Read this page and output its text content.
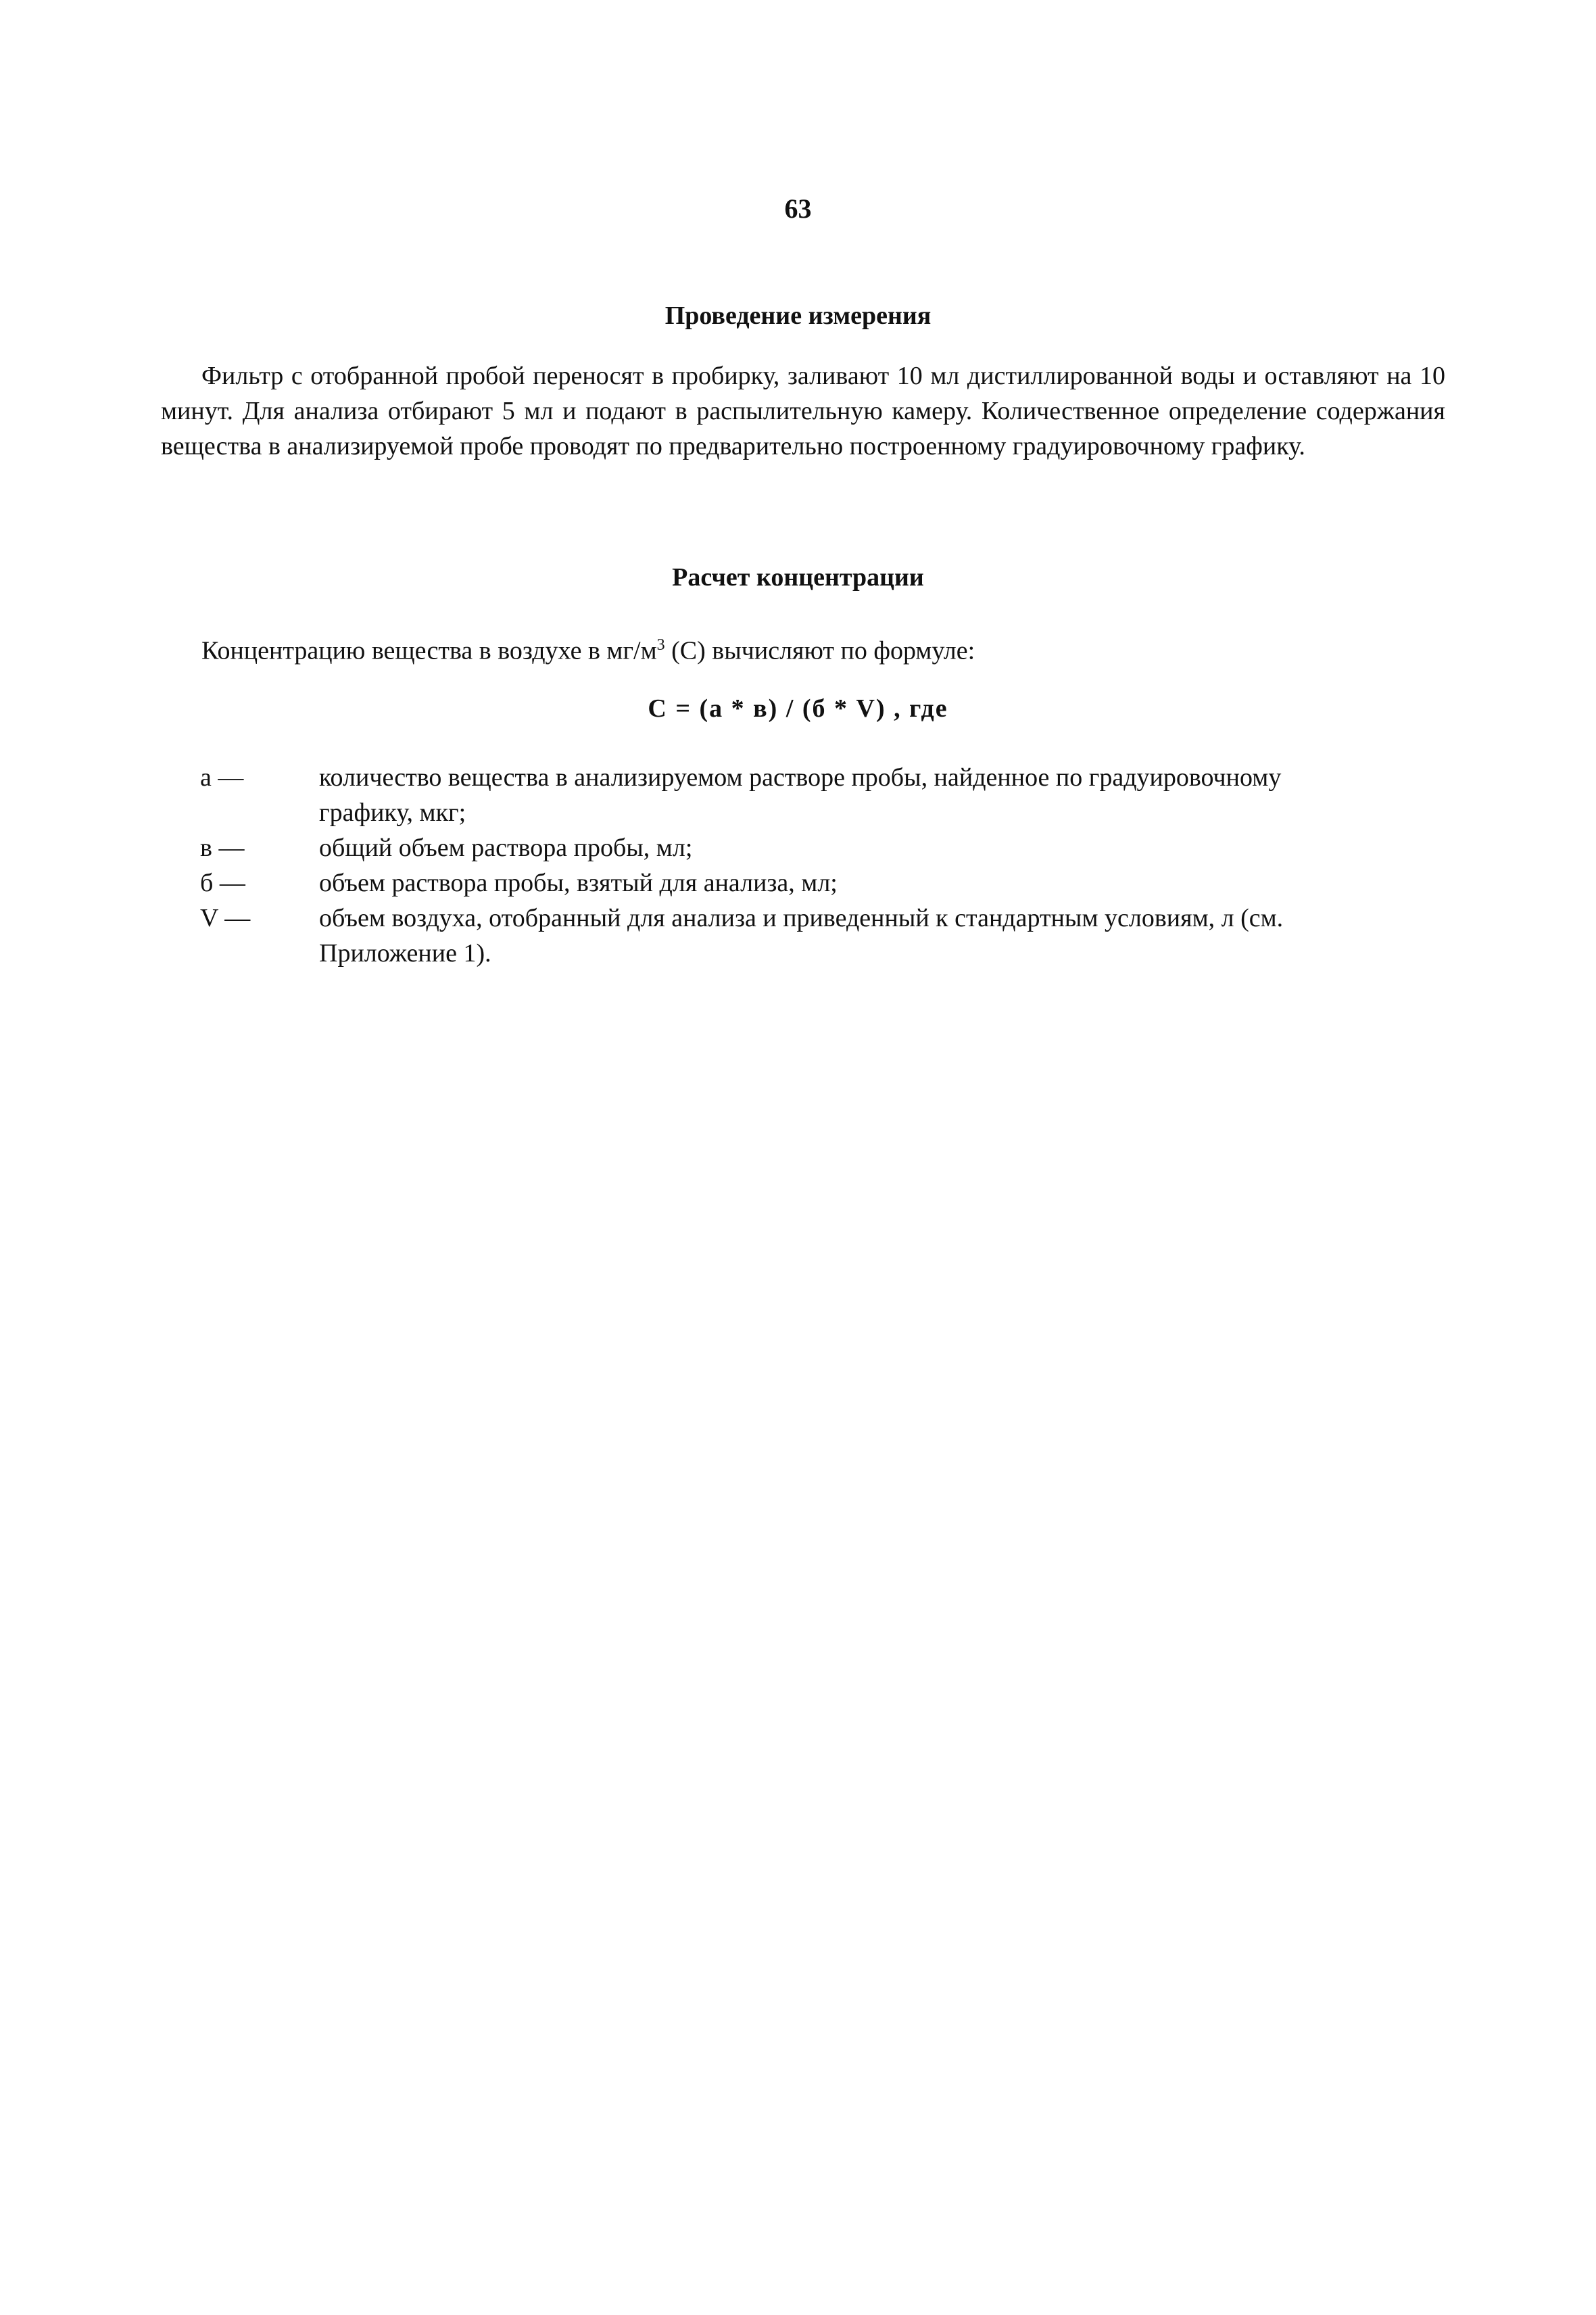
63
Проведение измерения

Фильтр с отобранной пробой переносят в пробирку, заливают 10 мл дистиллированной воды и оставляют на 10 минут. Для анализа отбирают 5 мл и подают в распылительную камеру. Количественное определение содержания вещества в анализируемой пробе проводят по предварительно построенному градуировочному графику.

Расчет концентрации
Концентрацию вещества в воздухе в $мг/м^3$ (С) вычисляют по формуле:
С = (а * в) / (б * V) , где
а —	количество вещества в анализируемом растворе пробы, найденное по градуировочному графику, мкг;
в —	общий объем раствора пробы, мл;
б —	объем раствора пробы, взятый для анализа, мл;
V —	объем воздуха, отобранный для анализа и приведенный к стандартным условиям, л (см. Приложение 1).
